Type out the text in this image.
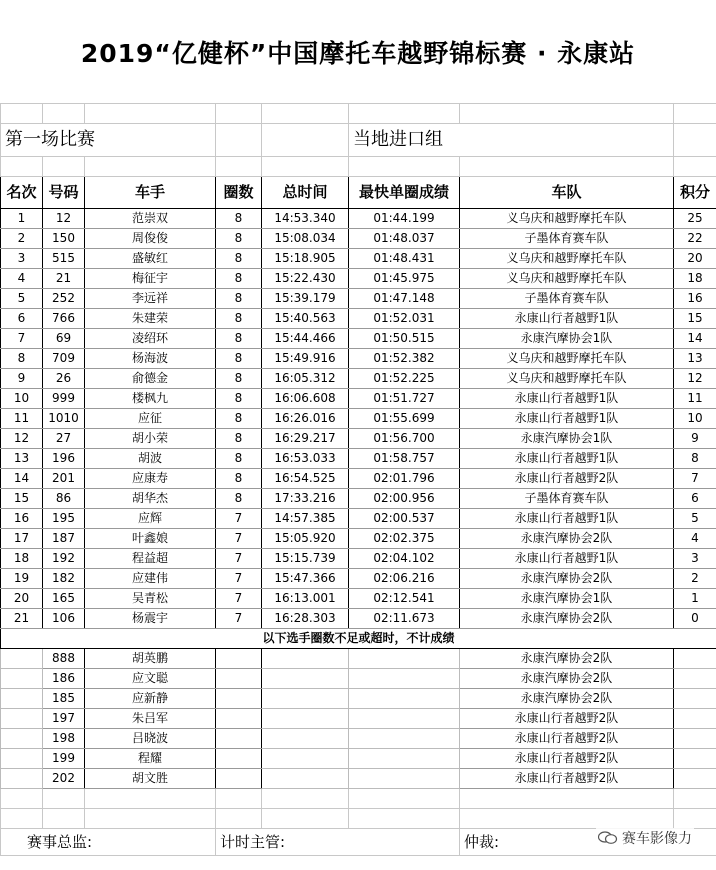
2019“亿健杯”中国摩托车越野锦标赛 · 永康站

第一场比赛					当地进口组		

名次	号码	车手	圈数	总时间	最快单圈成绩	车队	积分
1	12	范崇双	8	14:53.340	01:44.199	义乌庆和越野摩托车队	25
2	150	周俊俊	8	15:08.034	01:48.037	子墨体育赛车队	22
3	515	盛敏红	8	15:18.905	01:48.431	义乌庆和越野摩托车队	20
4	21	梅征宇	8	15:22.430	01:45.975	义乌庆和越野摩托车队	18
5	252	李远祥	8	15:39.179	01:47.148	子墨体育赛车队	16
6	766	朱建荣	8	15:40.563	01:52.031	永康山行者越野1队	15
7	69	凌绍环	8	15:44.466	01:50.515	永康汽摩协会1队	14
8	709	杨海波	8	15:49.916	01:52.382	义乌庆和越野摩托车队	13
9	26	俞德金	8	16:05.312	01:52.225	义乌庆和越野摩托车队	12
10	999	楼枫九	8	16:06.608	01:51.727	永康山行者越野1队	11
11	1010	应征	8	16:26.016	01:55.699	永康山行者越野1队	10
12	27	胡小荣	8	16:29.217	01:56.700	永康汽摩协会1队	9
13	196	胡波	8	16:53.033	01:58.757	永康山行者越野1队	8
14	201	应康寿	8	16:54.525	02:01.796	永康山行者越野2队	7
15	86	胡华杰	8	17:33.216	02:00.956	子墨体育赛车队	6
16	195	应辉	7	14:57.385	02:00.537	永康山行者越野1队	5
17	187	叶鑫娘	7	15:05.920	02:02.375	永康汽摩协会2队	4
18	192	程益超	7	15:15.739	02:04.102	永康山行者越野1队	3
19	182	应建伟	7	15:47.366	02:06.216	永康汽摩协会2队	2
20	165	吴青松	7	16:13.001	02:12.541	永康汽摩协会1队	1
21	106	杨震宇	7	16:28.303	02:11.673	永康汽摩协会2队	0
以下选手圈数不足或超时，不计成绩							
	888	胡英鹏				永康汽摩协会2队	
	186	应文聪				永康汽摩协会2队	
	185	应新静				永康汽摩协会2队	
	197	朱吕军				永康山行者越野2队	
	198	吕晓波				永康山行者越野2队	
	199	程耀				永康山行者越野2队	
	202	胡文胜				永康山行者越野2队	

赛事总监:			计时主管:			仲裁:		赛车影像力
